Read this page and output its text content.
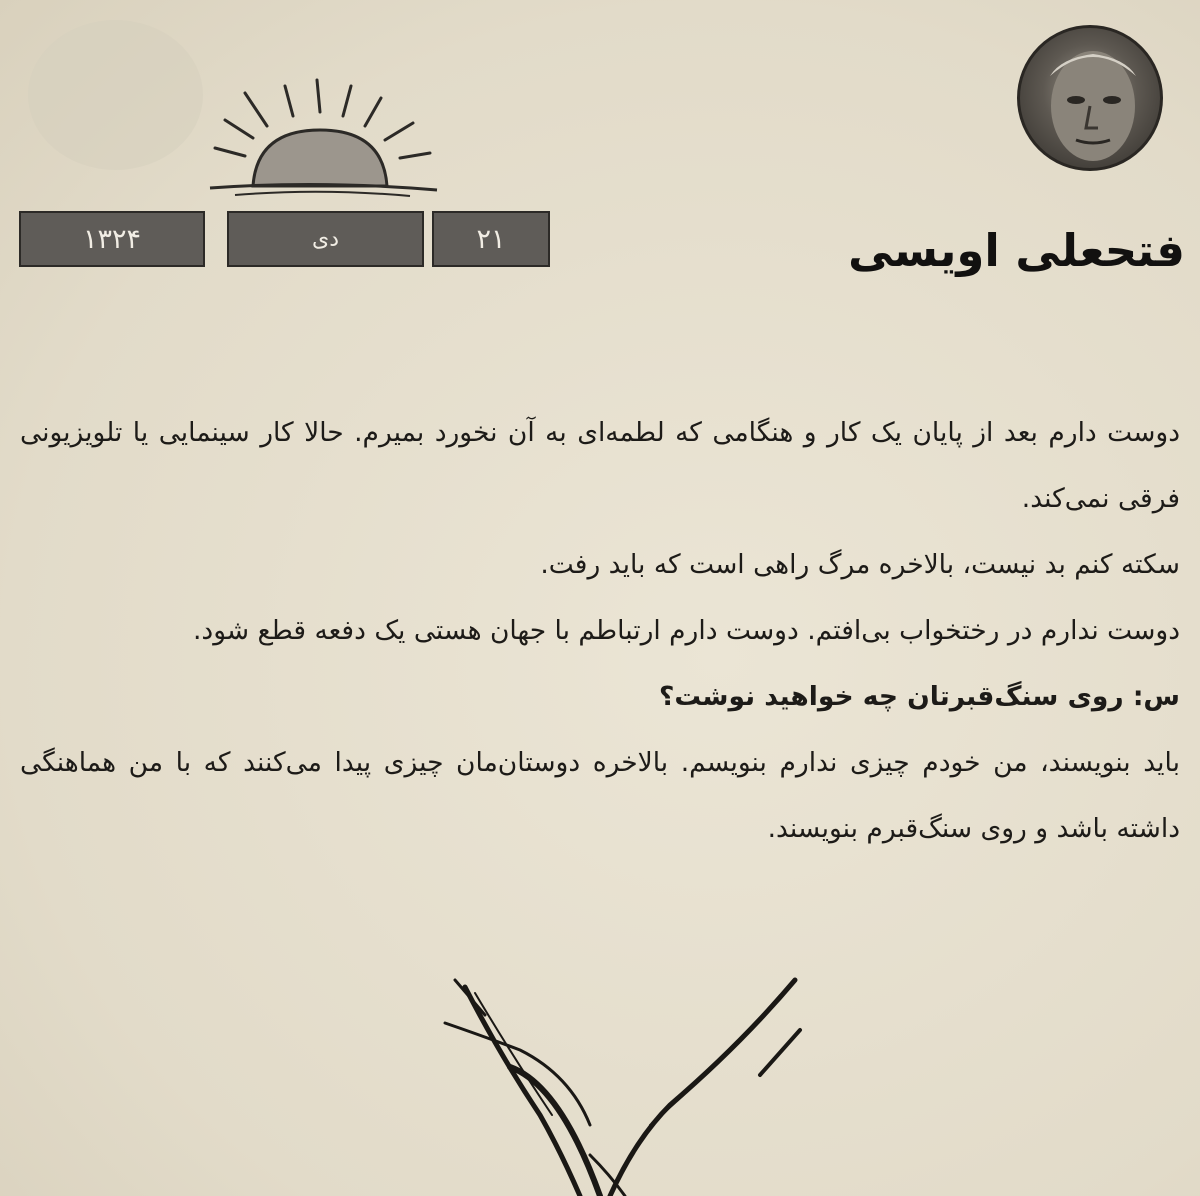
۲۱
دی
۱۳۲۴	فتحعلی اویسی

دوست دارم بعد از پایان یک کار و هنگامی که لطمه‌ای به آن نخورد بمیرم. حالا کار سینمایی یا تلویزیونی فرقی نمی‌کند.

سکته کنم بد نیست، بالاخره مرگ راهی است که باید رفت.

دوست ندارم در رختخواب بی‌افتم. دوست دارم ارتباطم با جهان هستی یک دفعه قطع شود.

س: روی سنگ‌قبرتان چه خواهید نوشت؟

باید بنویسند، من خودم چیزی ندارم بنویسم. بالاخره دوستان‌مان چیزی پیدا می‌کنند که با من هماهنگی داشته باشد و روی سنگ‌قبرم بنویسند.
